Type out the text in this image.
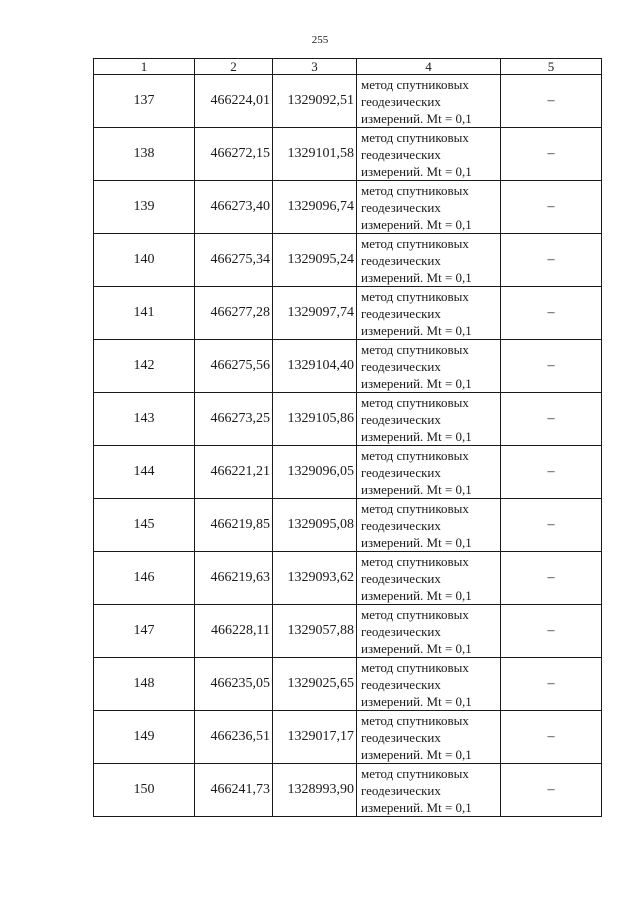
255
1	2	3	4	5
137	466224,01	1329092,51	метод спутниковых
геодезических
измерений. Mt = 0,1	–
138	466272,15	1329101,58	метод спутниковых
геодезических
измерений. Mt = 0,1	–
139	466273,40	1329096,74	метод спутниковых
геодезических
измерений. Mt = 0,1	–
140	466275,34	1329095,24	метод спутниковых
геодезических
измерений. Mt = 0,1	–
141	466277,28	1329097,74	метод спутниковых
геодезических
измерений. Mt = 0,1	–
142	466275,56	1329104,40	метод спутниковых
геодезических
измерений. Mt = 0,1	–
143	466273,25	1329105,86	метод спутниковых
геодезических
измерений. Mt = 0,1	–
144	466221,21	1329096,05	метод спутниковых
геодезических
измерений. Mt = 0,1	–
145	466219,85	1329095,08	метод спутниковых
геодезических
измерений. Mt = 0,1	–
146	466219,63	1329093,62	метод спутниковых
геодезических
измерений. Mt = 0,1	–
147	466228,11	1329057,88	метод спутниковых
геодезических
измерений. Mt = 0,1	–
148	466235,05	1329025,65	метод спутниковых
геодезических
измерений. Mt = 0,1	–
149	466236,51	1329017,17	метод спутниковых
геодезических
измерений. Mt = 0,1	–
150	466241,73	1328993,90	метод спутниковых
геодезических
измерений. Mt = 0,1	–
